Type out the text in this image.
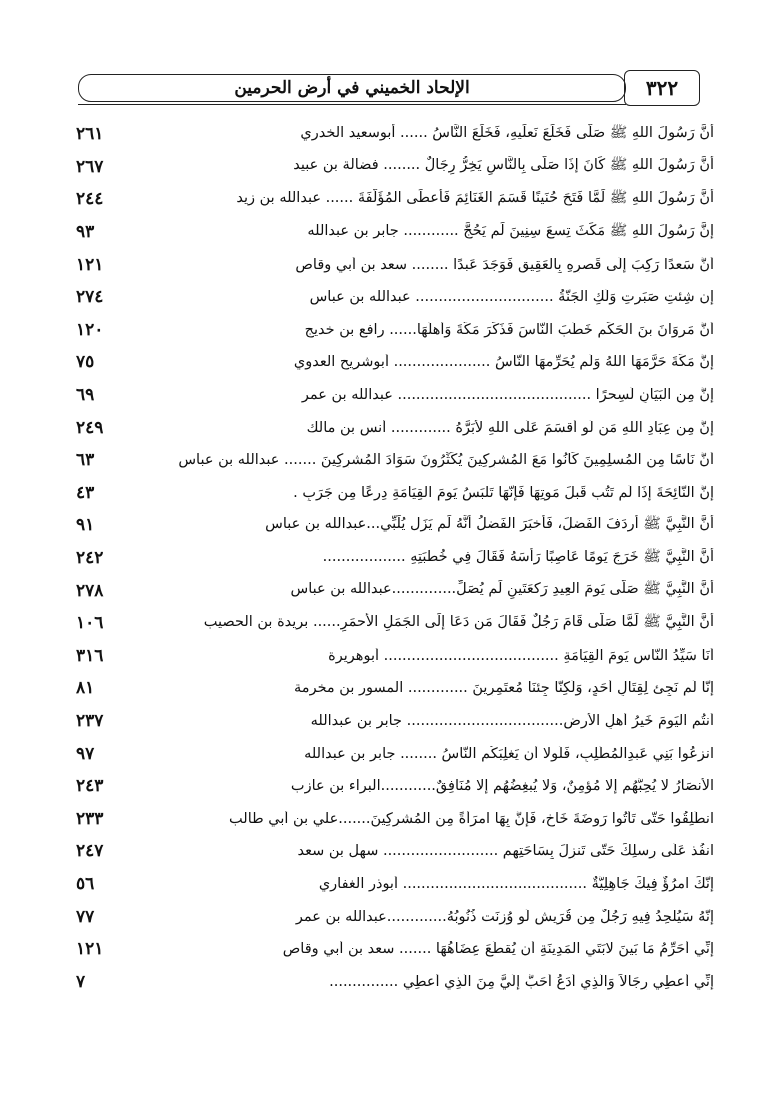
الإلحاد الخميني في أرض الحرمين	٣٢٢
أنَّ رَسُولَ اللهِ ﷺ صَلَّى فَخَلَعَ نَعلَيهِ، فَخَلَعَ النَّاسُ ...... أبوسعيد الخدري
٢٦١
أنَّ رَسُولَ اللهِ ﷺ كَانَ إذَا صَلَّى بِالنَّاسِ يَخِرُّ رِجَالٌ ........ فضالة بن عبيد
٢٦٧
أنَّ رَسُولَ اللهِ ﷺ لَمَّا فَتَحَ حُنَينًا قَسَمَ الغَنَائِمَ فَأعطَى المُؤَلَّفَةَ ...... عبدالله بن زيد
٢٤٤
إنَّ رَسُولَ اللهِ ﷺ مَكَثَ تِسعَ سِنِينَ لَم يَحُجَّ ............ جابر بن عبدالله
٩٣
أنَّ سَعدًا رَكِبَ إلَى قَصرِهِ بِالعَقِيقِ فَوَجَدَ عَبدًا ........ سعد بن أبي وقاص
١٢١
إن شِئتِ صَبَرتِ وَلَكِ الجَنَّةُ .............................. عبدالله بن عباس
٢٧٤
أنَّ مَروَانَ بنَ الحَكَمِ خَطَبَ النَّاسَ فَذَكَرَ مَكَّةَ وَأهلَهَا...... رافع بن خديج
١٢٠
إنَّ مَكَّةَ حَرَّمَهَا اللهُ وَلَم يُحَرِّمهَا النَّاسُ ..................... أبوشريح العدوي
٧٥
إنَّ مِن البَيَانِ لَسِحرًا .......................................... عبدالله بن عمر
٦٩
إنَّ مِن عِبَادِ اللهِ مَن لَو أقسَمَ عَلَى اللهِ لأبَرَّهُ ............. أنس بن مالك
٢٤٩
أنَّ نَاسًا مِن المُسلِمِينَ كَانُوا مَعَ المُشرِكِينَ يُكَثِّرُونَ سَوَادَ المُشرِكِينَ ....... عبدالله بن عباس
٦٣
إنَّ النَّائِحَةَ إذَا لَم تَتُب قَبلَ مَوتِهَا فَإنَّهَا تَلبَسُ يَومَ القِيَامَةِ دِرعًا مِن جَرَبٍ .
٤٣
أنَّ النَّبِيَّ ﷺ أردَفَ الفَضلَ، فَأخبَرَ الفَضلُ أنَّهُ لَم يَزَل يُلَبِّي...عبدالله بن عباس
٩١
أنَّ النَّبِيَّ ﷺ خَرَجَ يَومًا عَاصِبًا رَأسَهُ فَقَالَ فِي خُطبَتِهِ ..................
٢٤٢
أنَّ النَّبِيَّ ﷺ صَلَّى يَومَ العِيدِ رَكعَتَينِ لَم يُصَلِّ..............عبدالله بن عباس
٢٧٨
أنَّ النَّبِيَّ ﷺ لَمَّا صَلَّى قَامَ رَجُلٌ فَقَالَ مَن دَعَا إلَى الجَمَلِ الأحمَرِ...... بريدة بن الحصيب
١٠٦
أنَا سَيِّدُ النَّاسِ يَومَ القِيَامَةِ ...................................... أبوهريرة
٣١٦
إنَّا لَم نَجِئ لِقِتَالِ أحَدٍ، وَلَكِنَّا جِئنَا مُعتَمِرِينَ ............. المسور بن مخرمة
٨١
أنتُم اليَومَ خَيرُ أهلِ الأرضِ.................................. جابر بن عبدالله
٢٣٧
انزعُوا بَنِي عَبدِالمُطَّلِبِ، فَلَولا أن يَغلِبَكُم النَّاسُ ........ جابر بن عبدالله
٩٧
الأنصَارُ لا يُحِبُّهُم إلا مُؤمِنٌ، وَلا يُبغِضُهُم إلا مُنَافِقٌ............البراء بن عازب
٢٤٣
انطَلِقُوا حَتَّى تَأتُوا رَوضَةَ خَاخٍ، فَإنَّ بِهَا امرَأةً مِن المُشرِكِينَ.......علي بن أبي طالب
٢٣٣
انفُذ عَلَى رِسلِكَ حَتَّى تَنزِلَ بِسَاحَتِهِم ......................... سهل بن سعد
٢٤٧
إنَّكَ امرُؤٌ فِيكَ جَاهِلِيَّةٌ ........................................ أبوذر الغفاري
٥٦
إنَّهُ سَيُلحِدُ فِيهِ رَجُلٌ مِن قُرَيشٍ لَو وُزِنَت ذُنُوبُهُ.............عبدالله بن عمر
٧٧
إنِّي أُحَرِّمُ مَا بَينَ لابَتَيِ المَدِينَةِ أن يُقطَعَ عِضَاهُهَا ....... سعد بن أبي وقاص
١٢١
إنِّي أُعطِي رِجَالاً وَالَّذِي أدَعُ أحَبُّ إلَيَّ مِنَ الَّذِي أُعطِي ...............
٧
